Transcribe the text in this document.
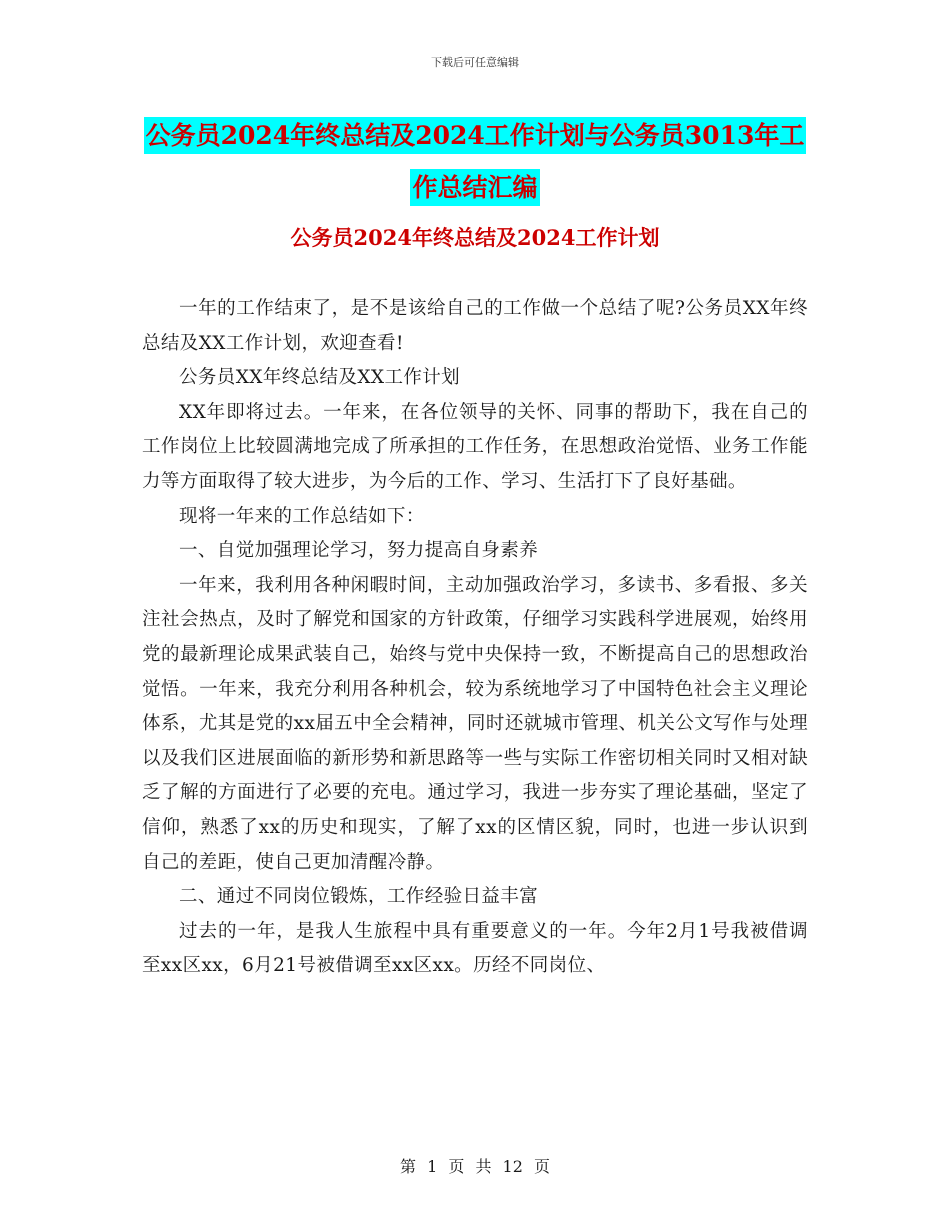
下载后可任意编辑
公务员2024年终总结及2024工作计划与公务员3013年工作总结汇编
公务员2024年终总结及2024工作计划

一年的工作结束了，是不是该给自己的工作做一个总结了呢?公务员XX年终总结及XX工作计划，欢迎查看!

公务员XX年终总结及XX工作计划

XX年即将过去。一年来，在各位领导的关怀、同事的帮助下，我在自己的工作岗位上比较圆满地完成了所承担的工作任务，在思想政治觉悟、业务工作能力等方面取得了较大进步，为今后的工作、学习、生活打下了良好基础。

现将一年来的工作总结如下：

一、自觉加强理论学习，努力提高自身素养

一年来，我利用各种闲暇时间，主动加强政治学习，多读书、多看报、多关注社会热点，及时了解党和国家的方针政策，仔细学习实践科学进展观，始终用党的最新理论成果武装自己，始终与党中央保持一致，不断提高自己的思想政治觉悟。一年来，我充分利用各种机会，较为系统地学习了中国特色社会主义理论体系，尤其是党的xx届五中全会精神，同时还就城市管理、机关公文写作与处理以及我们区进展面临的新形势和新思路等一些与实际工作密切相关同时又相对缺乏了解的方面进行了必要的充电。通过学习，我进一步夯实了理论基础，坚定了信仰，熟悉了xx的历史和现实，了解了xx的区情区貌，同时，也进一步认识到自己的差距，使自己更加清醒冷静。

二、通过不同岗位锻炼，工作经验日益丰富

过去的一年，是我人生旅程中具有重要意义的一年。今年2月1号我被借调至xx区xx，6月21号被借调至xx区xx。历经不同岗位、

第 1 页 共 12 页
